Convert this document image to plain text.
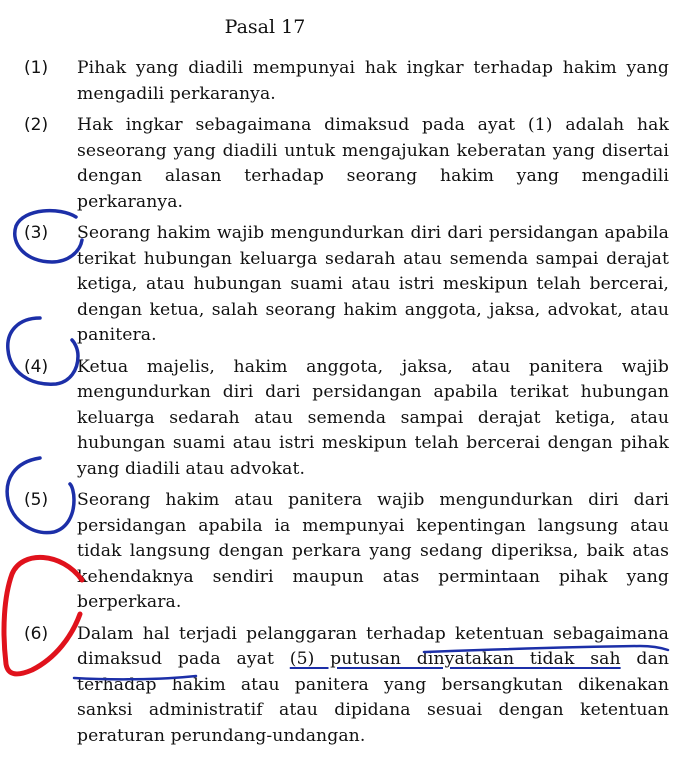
Pasal 17
(1) Pihak yang diadili mempunyai hak ingkar terhadap hakim yang mengadili perkaranya.
(2) Hak ingkar sebagaimana dimaksud pada ayat (1) adalah hak seseorang yang diadili untuk mengajukan keberatan yang disertai dengan alasan terhadap seorang hakim yang mengadili perkaranya.
(3) Seorang hakim wajib mengundurkan diri dari persidangan apabila terikat hubungan keluarga sedarah atau semenda sampai derajat ketiga, atau hubungan suami atau istri meskipun telah bercerai, dengan ketua, salah seorang hakim anggota, jaksa, advokat, atau panitera.
(4) Ketua majelis, hakim anggota, jaksa, atau panitera wajib mengundurkan diri dari persidangan apabila terikat hubungan keluarga sedarah atau semenda sampai derajat ketiga, atau hubungan suami atau istri meskipun telah bercerai dengan pihak yang diadili atau advokat.
(5) Seorang hakim atau panitera wajib mengundurkan diri dari persidangan apabila ia mempunyai kepentingan langsung atau tidak langsung dengan perkara yang sedang diperiksa, baik atas kehendaknya sendiri maupun atas permintaan pihak yang berperkara.
(6) Dalam hal terjadi pelanggaran terhadap ketentuan sebagaimana dimaksud pada ayat (5) putusan dinyatakan tidak sah dan terhadap hakim atau panitera yang bersangkutan dikenakan sanksi administratif atau dipidana sesuai dengan ketentuan peraturan perundang-undangan.
